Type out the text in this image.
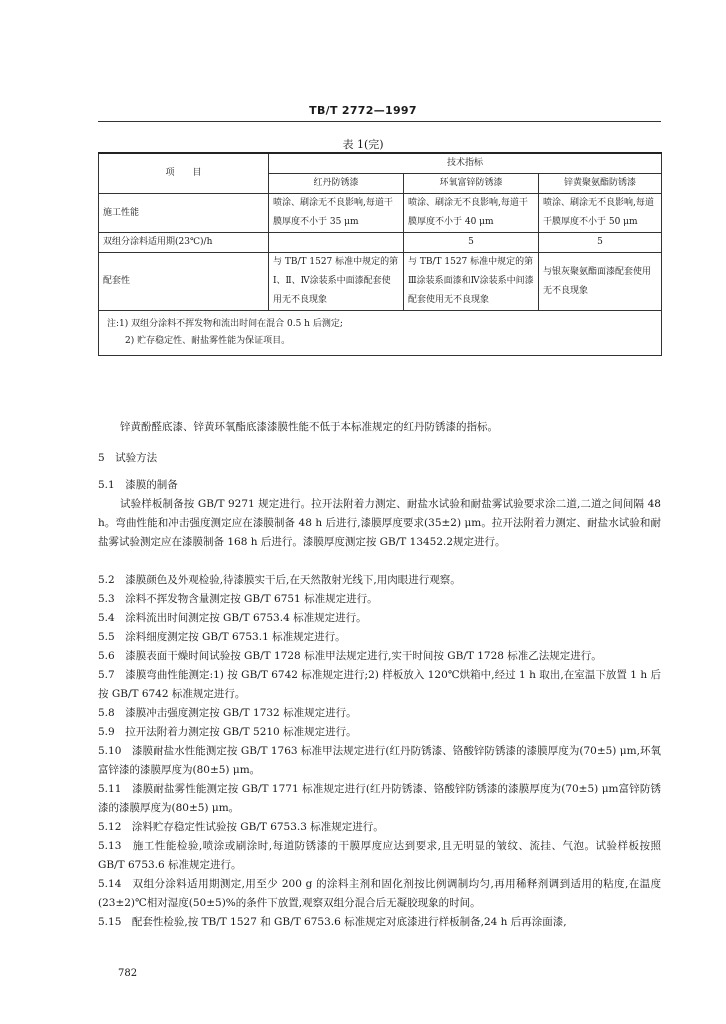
TB/T 2772—1997
表 1(完)
项　　目	技术指标		
	红丹防锈漆	环氧富锌防锈漆	锌黄聚氨酯防锈漆
施工性能	喷涂、刷涂无不良影响,每道干膜厚度不小于 35 μm	喷涂、刷涂无不良影响,每道干膜厚度不小于 40 μm	喷涂、刷涂无不良影响,每道干膜厚度不小于 50 μm
双组分涂料适用期(23℃)/h		5	5
配套性	与 TB/T 1527 标准中规定的第Ⅰ、Ⅱ、Ⅳ涂装系中面漆配套使用无不良现象	与 TB/T 1527 标准中规定的第Ⅲ涂装系面漆和Ⅳ涂装系中间漆配套使用无不良现象	与银灰聚氨酯面漆配套使用无不良现象

注:1) 双组分涂料不挥发物和流出时间在混合 0.5 h 后测定;
2) 贮存稳定性、耐盐雾性能为保证项目。			
锌黄酚醛底漆、锌黄环氧酯底漆漆膜性能不低于本标准规定的红丹防锈漆的指标。
5　试验方法
5.1　漆膜的制备
试验样板制备按 GB/T 9271 规定进行。拉开法附着力测定、耐盐水试验和耐盐雾试验要求涂二道,二道之间间隔 48 h。弯曲性能和冲击强度测定应在漆膜制备 48 h 后进行,漆膜厚度要求(35±2) μm。拉开法附着力测定、耐盐水试验和耐盐雾试验测定应在漆膜制备 168 h 后进行。漆膜厚度测定按 GB/T 13452.2规定进行。
5.2　漆膜颜色及外观检验,待漆膜实干后,在天然散射光线下,用肉眼进行观察。
5.3　涂料不挥发物含量测定按 GB/T 6751 标准规定进行。
5.4　涂料流出时间测定按 GB/T 6753.4 标准规定进行。
5.5　涂料细度测定按 GB/T 6753.1 标准规定进行。
5.6　漆膜表面干燥时间试验按 GB/T 1728 标准甲法规定进行,实干时间按 GB/T 1728 标准乙法规定进行。
5.7　漆膜弯曲性能测定:1) 按 GB/T 6742 标准规定进行;2) 样板放入 120℃烘箱中,经过 1 h 取出,在室温下放置 1 h 后按 GB/T 6742 标准规定进行。
5.8　漆膜冲击强度测定按 GB/T 1732 标准规定进行。
5.9　拉开法附着力测定按 GB/T 5210 标准规定进行。
5.10　漆膜耐盐水性能测定按 GB/T 1763 标准甲法规定进行(红丹防锈漆、铬酸锌防锈漆的漆膜厚度为(70±5) μm,环氧富锌漆的漆膜厚度为(80±5) μm。
5.11　漆膜耐盐雾性能测定按 GB/T 1771 标准规定进行(红丹防锈漆、铬酸锌防锈漆的漆膜厚度为(70±5) μm富锌防锈漆的漆膜厚度为(80±5) μm。
5.12　涂料贮存稳定性试验按 GB/T 6753.3 标准规定进行。
5.13　施工性能检验,喷涂或刷涂时,每道防锈漆的干膜厚度应达到要求,且无明显的皱纹、流挂、气泡。试验样板按照 GB/T 6753.6 标准规定进行。
5.14　双组分涂料适用期测定,用至少 200 g 的涂料主剂和固化剂按比例调制均匀,再用稀释剂调到适用的粘度,在温度(23±2)℃相对湿度(50±5)%的条件下放置,观察双组分混合后无凝胶现象的时间。
5.15　配套性检验,按 TB/T 1527 和 GB/T 6753.6 标准规定对底漆进行样板制备,24 h 后再涂面漆,
782
